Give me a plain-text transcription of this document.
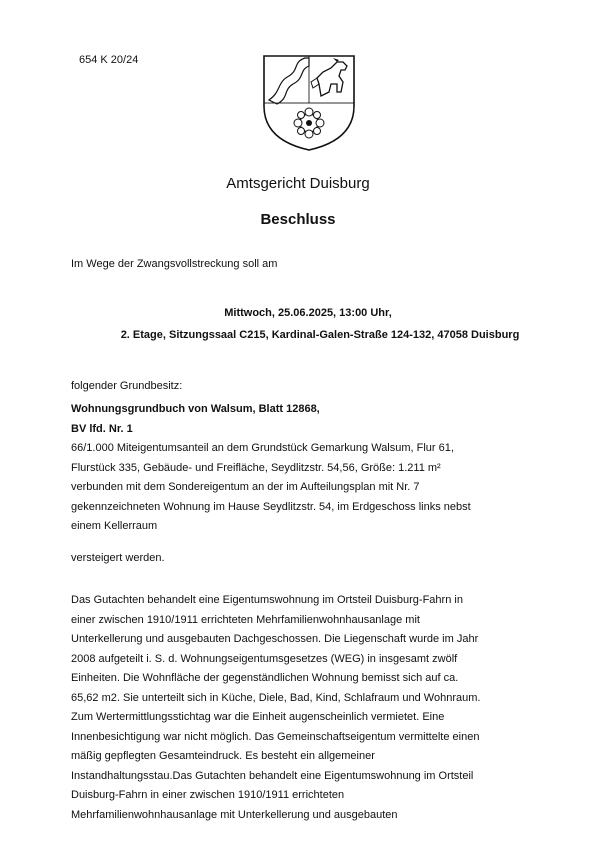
654 K 20/24
Amtsgericht Duisburg
Beschluss
Im Wege der Zwangsvollstreckung soll am
Mittwoch, 25.06.2025, 13:00 Uhr,
2. Etage, Sitzungssaal C215, Kardinal-Galen-Straße 124-132, 47058 Duisburg
folgender Grundbesitz:

Wohnungsgrundbuch von Walsum, Blatt 12868,

BV lfd. Nr. 1

66/1.000 Miteigentumsanteil an dem Grundstück Gemarkung Walsum, Flur 61,

Flurstück 335, Gebäude- und Freifläche, Seydlitzstr. 54,56, Größe: 1.211 m²

verbunden mit dem Sondereigentum an der im Aufteilungsplan mit Nr. 7

gekennzeichneten Wohnung im Hause Seydlitzstr. 54, im Erdgeschoss links nebst

einem Kellerraum

versteigert werden.

Das Gutachten behandelt eine Eigentumswohnung im Ortsteil Duisburg-Fahrn in

einer zwischen 1910/1911 errichteten Mehrfamilienwohnhausanlage mit

Unterkellerung und ausgebauten Dachgeschossen. Die Liegenschaft wurde im Jahr

2008 aufgeteilt i. S. d. Wohnungseigentumsgesetzes (WEG) in insgesamt zwölf

Einheiten. Die Wohnfläche der gegenständlichen Wohnung bemisst sich auf ca.

65,62 m2. Sie unterteilt sich in Küche, Diele, Bad, Kind, Schlafraum und Wohnraum.

Zum Wertermittlungsstichtag war die Einheit augenscheinlich vermietet. Eine

Innenbesichtigung war nicht möglich. Das Gemeinschaftseigentum vermittelte einen

mäßig gepflegten Gesamteindruck. Es besteht ein allgemeiner

Instandhaltungsstau.Das Gutachten behandelt eine Eigentumswohnung im Ortsteil

Duisburg-Fahrn in einer zwischen 1910/1911 errichteten

Mehrfamilienwohnhausanlage mit Unterkellerung und ausgebauten
